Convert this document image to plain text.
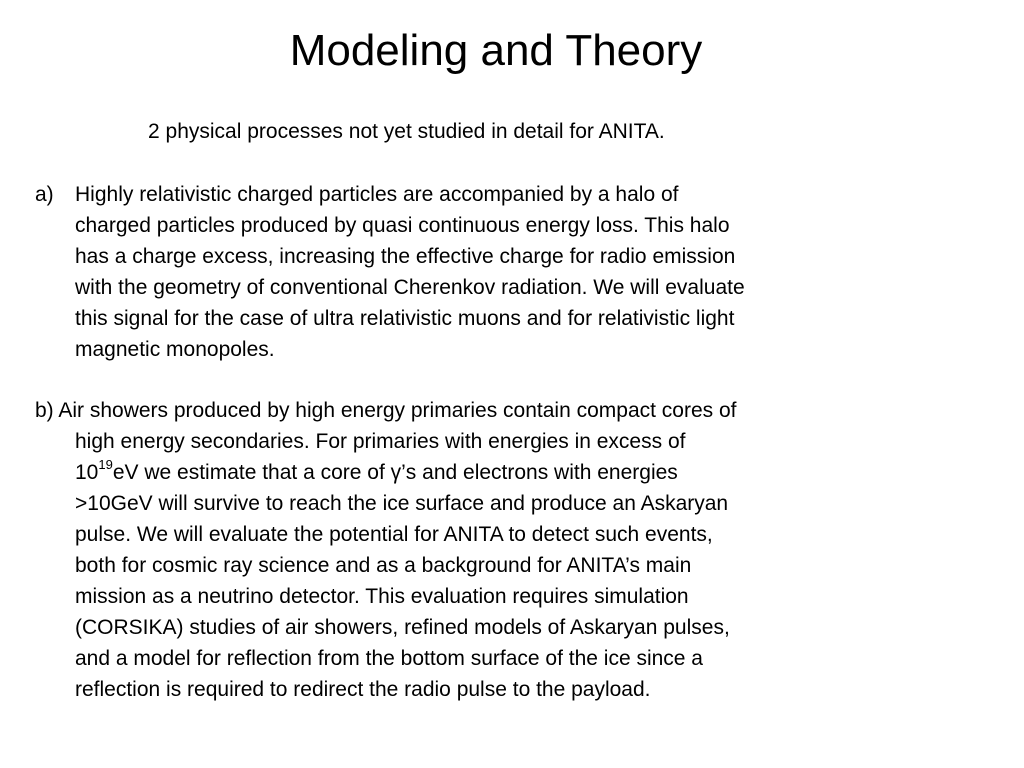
Modeling and Theory
2 physical processes not yet studied in detail for ANITA.
a)	Highly relativistic charged particles are accompanied by a halo of
charged particles produced by quasi continuous energy loss. This halo
has a charge excess, increasing the effective charge for radio emission
with the geometry of conventional Cherenkov radiation. We will evaluate
this signal for the case of ultra relativistic muons and for relativistic light
magnetic monopoles.
b) Air showers produced by high energy primaries contain compact cores of
high energy secondaries. For primaries with energies in excess of
$10^{19}eV$ we estimate that a core of γ’s and electrons with energies
>10GeV will survive to reach the ice surface and produce an Askaryan
pulse. We will evaluate the potential for ANITA to detect such events,
both for cosmic ray science and as a background for ANITA’s main
mission as a neutrino detector. This evaluation requires simulation
(CORSIKA) studies of air showers, refined models of Askaryan pulses,
and a model for reflection from the bottom surface of the ice since a
reflection is required to redirect the radio pulse to the payload.
